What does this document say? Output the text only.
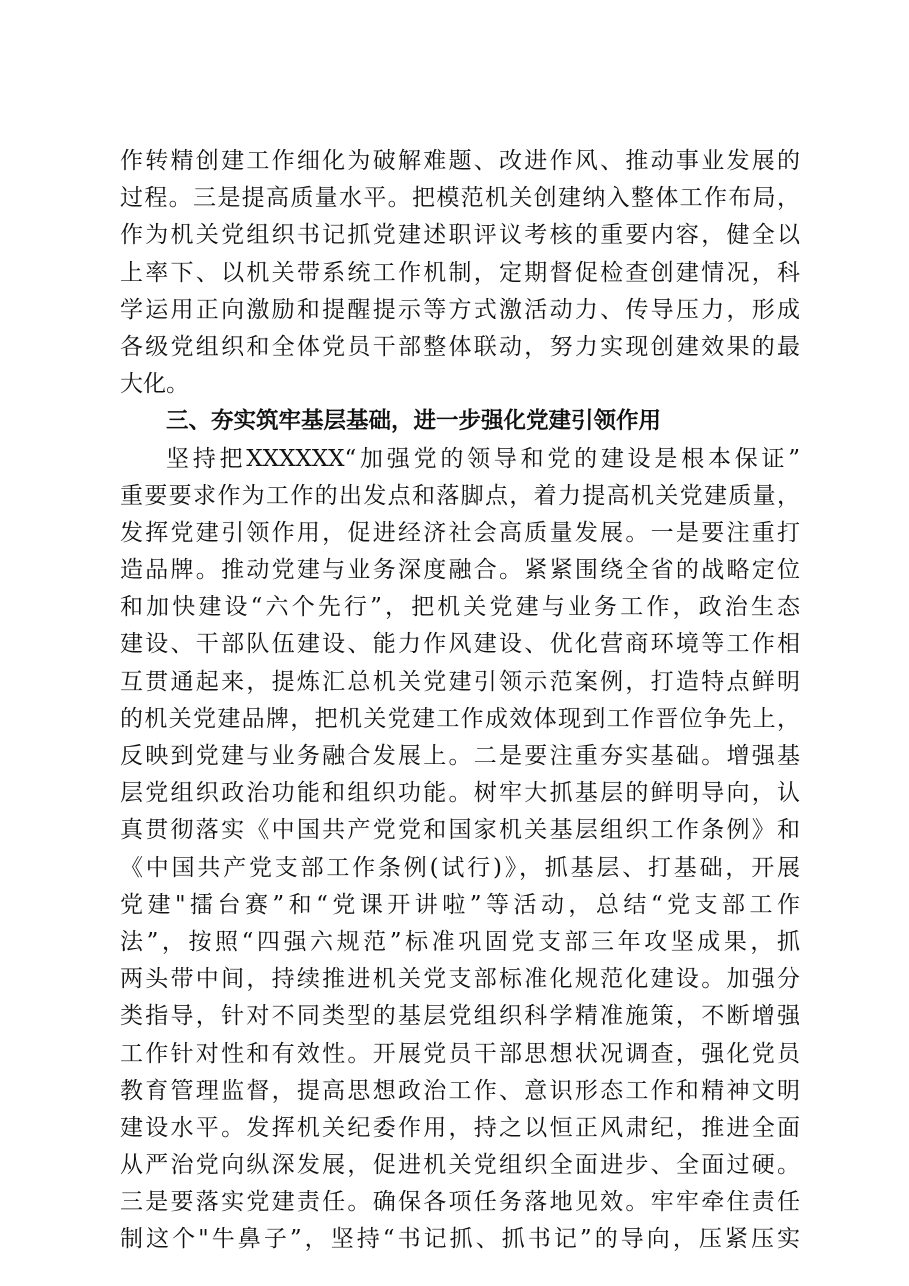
作转精创建工作细化为破解难题、改进作风、推动事业发展的
过程。三是提高质量水平。把模范机关创建纳入整体工作布局，
作为机关党组织书记抓党建述职评议考核的重要内容，健全以
上率下、以机关带系统工作机制，定期督促检查创建情况，科
学运用正向激励和提醒提示等方式激活动力、传导压力，形成
各级党组织和全体党员干部整体联动，努力实现创建效果的最
大化。
三、夯实筑牢基层基础，进一步强化党建引领作用
坚持把XXXXXX“加强党的领导和党的建设是根本保证”
重要要求作为工作的出发点和落脚点，着力提高机关党建质量，
发挥党建引领作用，促进经济社会高质量发展。一是要注重打
造品牌。推动党建与业务深度融合。紧紧围绕全省的战略定位
和加快建设“六个先行”，把机关党建与业务工作，政治生态
建设、干部队伍建设、能力作风建设、优化营商环境等工作相
互贯通起来，提炼汇总机关党建引领示范案例，打造特点鲜明
的机关党建品牌，把机关党建工作成效体现到工作晋位争先上，
反映到党建与业务融合发展上。二是要注重夯实基础。增强基
层党组织政治功能和组织功能。树牢大抓基层的鲜明导向，认
真贯彻落实《中国共产党党和国家机关基层组织工作条例》和
《中国共产党支部工作条例(试行)》，抓基层、打基础，开展
党建"擂台赛”和“党课开讲啦”等活动，总结“党支部工作
法”，按照“四强六规范”标准巩固党支部三年攻坚成果，抓
两头带中间，持续推进机关党支部标准化规范化建设。加强分
类指导，针对不同类型的基层党组织科学精准施策，不断增强
工作针对性和有效性。开展党员干部思想状况调查，强化党员
教育管理监督，提高思想政治工作、意识形态工作和精神文明
建设水平。发挥机关纪委作用，持之以恒正风肃纪，推进全面
从严治党向纵深发展，促进机关党组织全面进步、全面过硬。
三是要落实党建责任。确保各项任务落地见效。牢牢牵住责任
制这个"牛鼻子”，坚持“书记抓、抓书记”的导向，压紧压实
